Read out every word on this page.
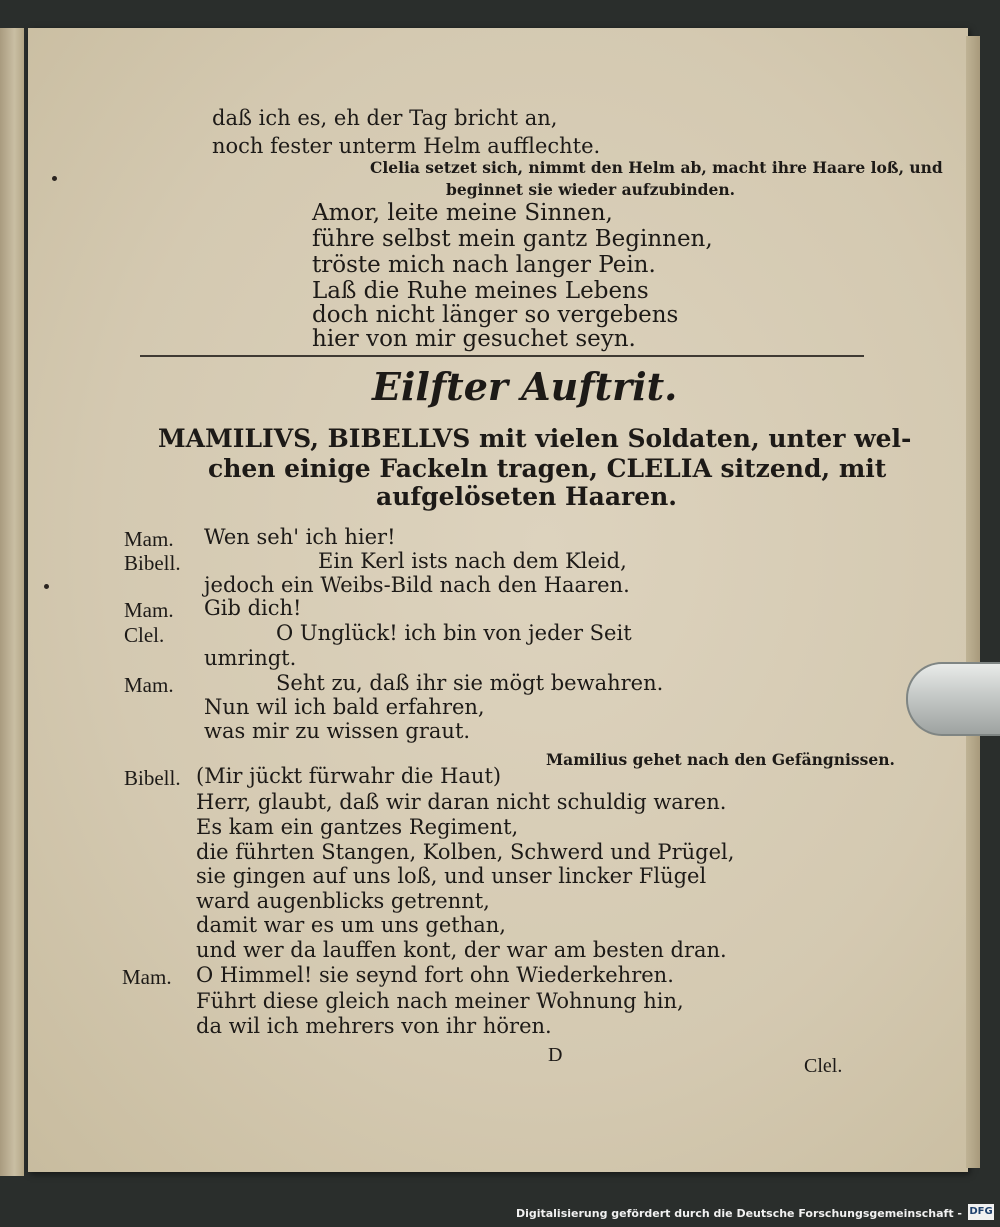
daß ich es, eh der Tag bricht an,

noch fester unterm Helm aufflechte.

Clelia setzet sich, nimmt den Helm ab, macht ihre Haare loß, und

beginnet sie wieder aufzubinden.

Amor, leite meine Sinnen,

führe selbst mein gantz Beginnen,

tröste mich nach langer Pein.

Laß die Ruhe meines Lebens

doch nicht länger so vergebens

hier von mir gesuchet seyn.

Eilfter Auftrit.

MAMILIVS, BIBELLVS mit vielen Soldaten, unter wel-

chen einige Fackeln tragen, CLELIA sitzend, mit

aufgelöseten Haaren.

Mam. Wen seh' ich hier!

Bibell.	Ein Kerl ists nach dem Kleid,

jedoch ein Weibs-Bild nach den Haaren.

Mam. Gib dich!

Clel.	O Unglück! ich bin von jeder Seit

umringt.

Mam.	Seht zu, daß ihr sie mögt bewahren.

Nun wil ich bald erfahren,

was mir zu wissen graut.

Mamilius gehet nach den Gefängnissen.

Bibell. (Mir jückt fürwahr die Haut)

Herr, glaubt, daß wir daran nicht schuldig waren.

Es kam ein gantzes Regiment,

die führten Stangen, Kolben, Schwerd und Prügel,

sie gingen auf uns loß, und unser lincker Flügel

ward augenblicks getrennt,

damit war es um uns gethan,

und wer da lauffen kont, der war am besten dran.

Mam. O Himmel! sie seynd fort ohn Wiederkehren.

Führt diese gleich nach meiner Wohnung hin,

da wil ich mehrers von ihr hören.

D	Clel.

Digitalisierung gefördert durch die Deutsche Forschungsgemeinschaft - DFG
